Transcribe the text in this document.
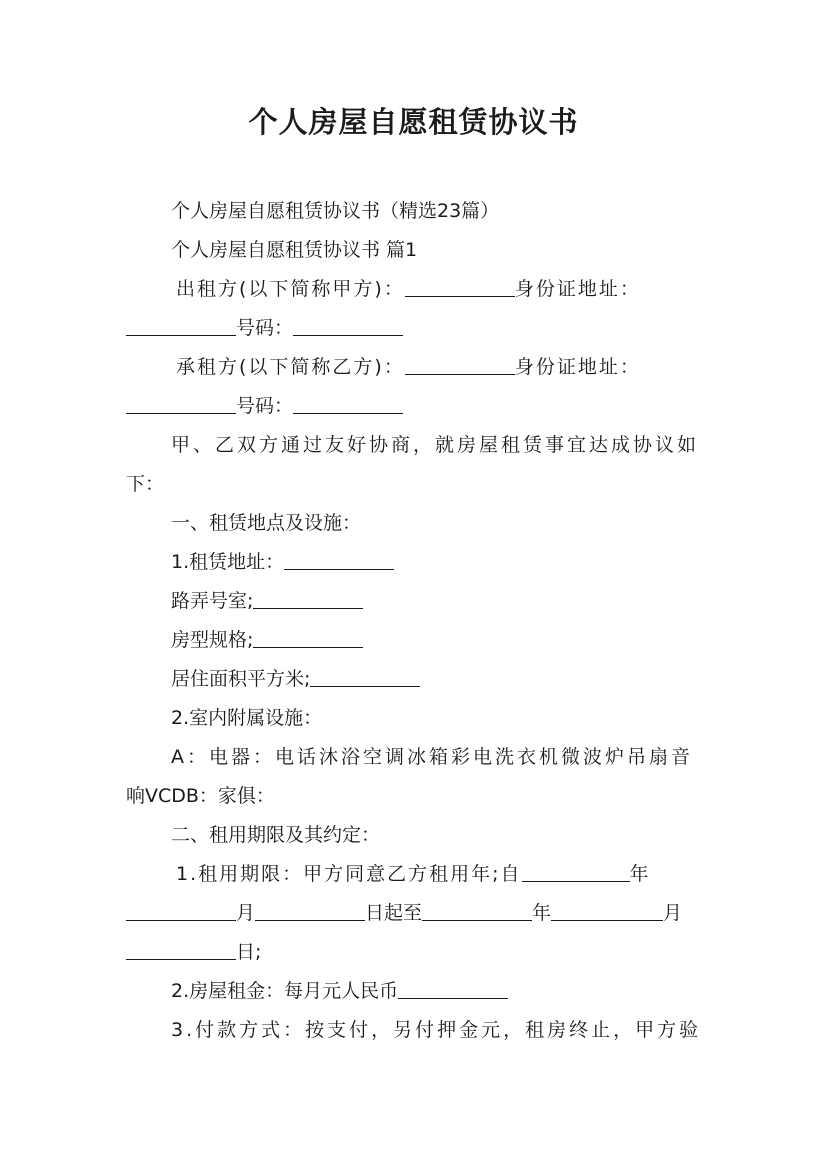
个人房屋自愿租赁协议书
个人房屋自愿租赁协议书（精选23篇）
个人房屋自愿租赁协议书 篇1
出租方(以下简称甲方)：	身份证地址：
号码：
承租方(以下简称乙方)：	身份证地址：
号码：
甲、乙双方通过友好协商，就房屋租赁事宜达成协议如
下：
一、租赁地点及设施：
1.租赁地址：
路弄号室;
房型规格;
居住面积平方米;
2.室内附属设施：
A：电器：电话沐浴空调冰箱彩电洗衣机微波炉吊扇音
响VCDB：家俱：
二、租用期限及其约定：
1.租用期限：甲方同意乙方租用年;自	年
月	日起至	年	月
日;
2.房屋租金：每月元人民币
3.付款方式：按支付，另付押金元，租房终止，甲方验
